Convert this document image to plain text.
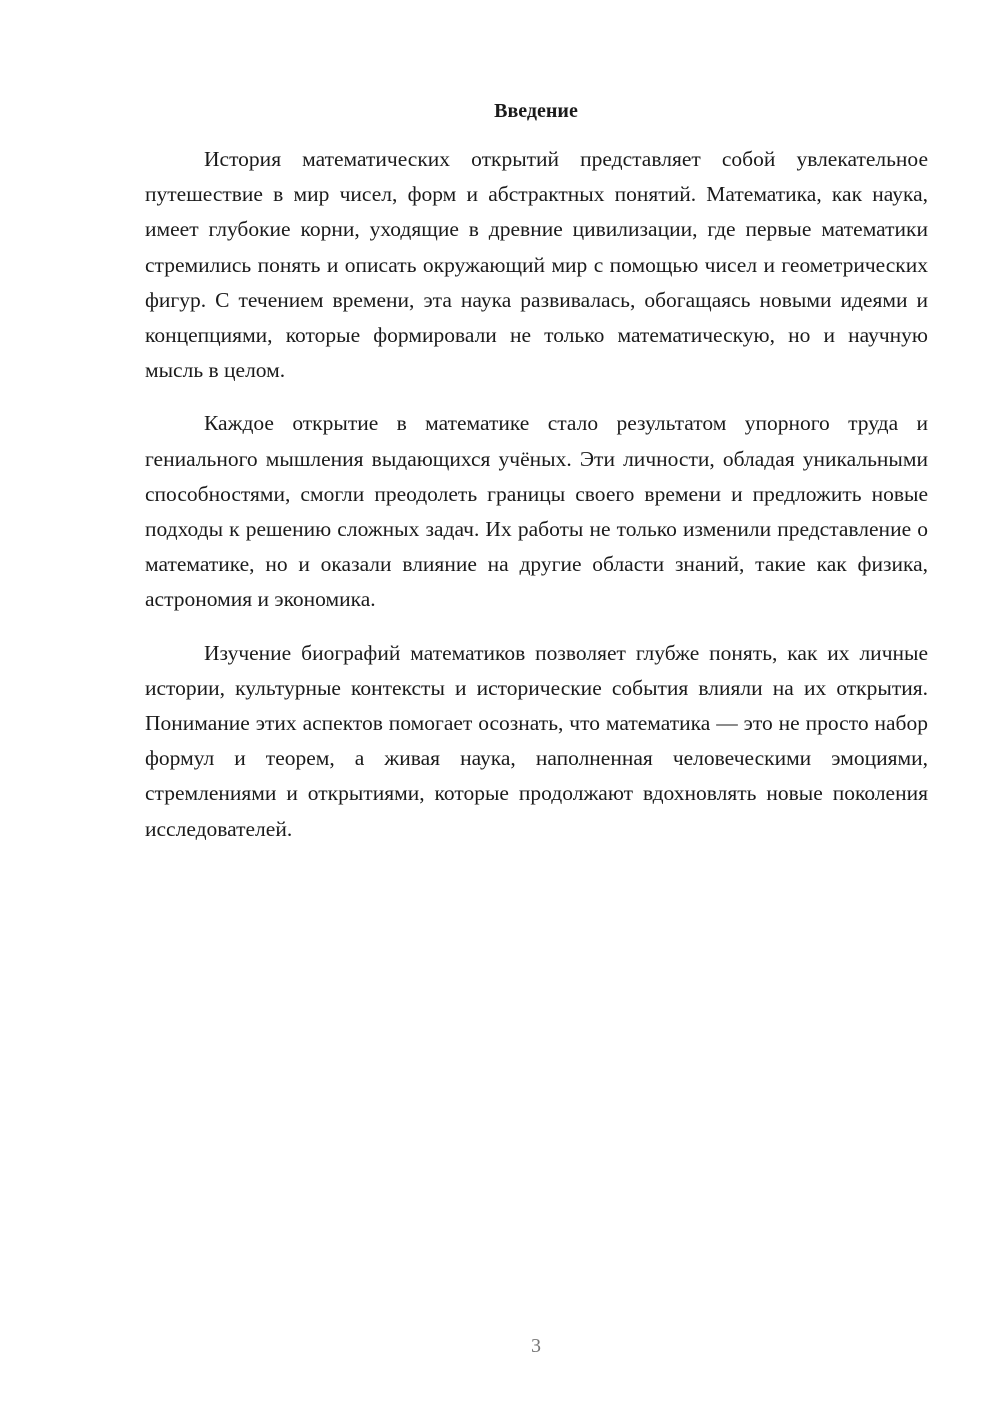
Введение

История математических открытий представляет собой увлекательное путешествие в мир чисел, форм и абстрактных понятий. Математика, как наука, имеет глубокие корни, уходящие в древние цивилизации, где первые математики стремились понять и описать окружающий мир с помощью чисел и геометрических фигур. С течением времени, эта наука развивалась, обогащаясь новыми идеями и концепциями, которые формировали не только математическую, но и научную мысль в целом.

Каждое открытие в математике стало результатом упорного труда и гениального мышления выдающихся учёных. Эти личности, обладая уникальными способностями, смогли преодолеть границы своего времени и предложить новые подходы к решению сложных задач. Их работы не только изменили представление о математике, но и оказали влияние на другие области знаний, такие как физика, астрономия и экономика.

Изучение биографий математиков позволяет глубже понять, как их личные истории, культурные контексты и исторические события влияли на их открытия. Понимание этих аспектов помогает осознать, что математика — это не просто набор формул и теорем, а живая наука, наполненная человеческими эмоциями, стремлениями и открытиями, которые продолжают вдохновлять новые поколения исследователей.

3
